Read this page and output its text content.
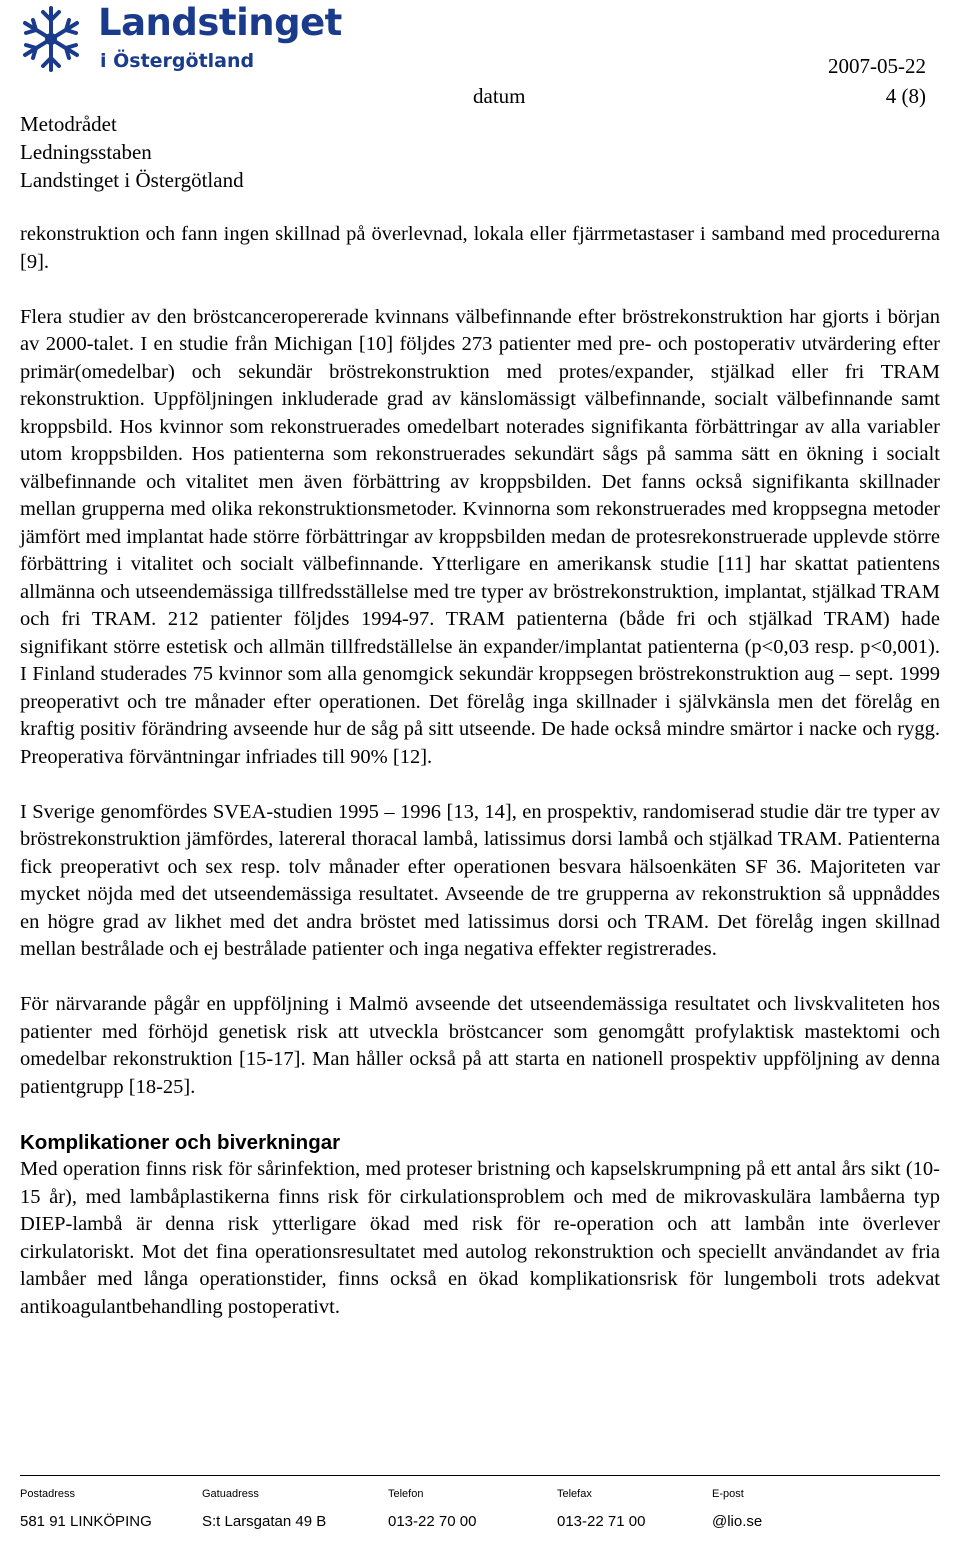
Landstinget
i Östergötland	2007-05-22
datum	4 (8)
Metodrådet
Ledningsstaben
Landstinget i Östergötland

rekonstruktion och fann ingen skillnad på överlevnad, lokala eller fjärrmetastaser i samband med procedurerna [9].

Flera studier av den bröstcanceropererade kvinnans välbefinnande efter bröstrekonstruktion har gjorts i början av 2000-talet. I en studie från Michigan [10] följdes 273 patienter med pre- och postoperativ utvärdering efter primär(omedelbar) och sekundär bröstrekonstruktion med protes/expander, stjälkad eller fri TRAM rekonstruktion. Uppföljningen inkluderade grad av känslomässigt välbefinnande, socialt välbefinnande samt kroppsbild. Hos kvinnor som rekonstruerades omedelbart noterades signifikanta förbättringar av alla variabler utom kroppsbilden. Hos patienterna som rekonstruerades sekundärt sågs på samma sätt en ökning i socialt välbefinnande och vitalitet men även förbättring av kroppsbilden. Det fanns också signifikanta skillnader mellan grupperna med olika rekonstruktionsmetoder. Kvinnorna som rekonstruerades med kroppsegna metoder jämfört med implantat hade större förbättringar av kroppsbilden medan de protesrekonstruerade upplevde större förbättring i vitalitet och socialt välbefinnande. Ytterligare en amerikansk studie [11] har skattat patientens allmänna och utseendemässiga tillfredsställelse med tre typer av bröstrekonstruktion, implantat, stjälkad TRAM och fri TRAM. 212 patienter följdes 1994-97. TRAM patienterna (både fri och stjälkad TRAM) hade signifikant större estetisk och allmän tillfredställelse än expander/implantat patienterna (p<0,03 resp. p<0,001). I Finland studerades 75 kvinnor som alla genomgick sekundär kroppsegen bröstrekonstruktion aug – sept. 1999 preoperativt och tre månader efter operationen. Det förelåg inga skillnader i självkänsla men det förelåg en kraftig positiv förändring avseende hur de såg på sitt utseende. De hade också mindre smärtor i nacke och rygg. Preoperativa förväntningar infriades till 90% [12].

I Sverige genomfördes SVEA-studien 1995 – 1996 [13, 14], en prospektiv, randomiserad studie där tre typer av bröstrekonstruktion jämfördes, latereral thoracal lambå, latissimus dorsi lambå och stjälkad TRAM. Patienterna fick preoperativt och sex resp. tolv månader efter operationen besvara hälsoenkäten SF 36. Majoriteten var mycket nöjda med det utseendemässiga resultatet. Avseende de tre grupperna av rekonstruktion så uppnåddes en högre grad av likhet med det andra bröstet med latissimus dorsi och TRAM. Det förelåg ingen skillnad mellan bestrålade och ej bestrålade patienter och inga negativa effekter registrerades.

För närvarande pågår en uppföljning i Malmö avseende det utseendemässiga resultatet och livskvaliteten hos patienter med förhöjd genetisk risk att utveckla bröstcancer som genomgått profylaktisk mastektomi och omedelbar rekonstruktion [15-17]. Man håller också på att starta en nationell prospektiv uppföljning av denna patientgrupp [18-25].

Komplikationer och biverkningar

Med operation finns risk för sårinfektion, med proteser bristning och kapselskrumpning på ett antal års sikt (10-15 år), med lambåplastikerna finns risk för cirkulationsproblem och med de mikrovaskulära lambåerna typ DIEP-lambå är denna risk ytterligare ökad med risk för re-operation och att lambån inte överlever cirkulatoriskt. Mot det fina operationsresultatet med autolog rekonstruktion och speciellt användandet av fria lambåer med långa operationstider, finns också en ökad komplikationsrisk för lungemboli trots adekvat antikoagulantbehandling postoperativt.

Postadress
581 91 LINKÖPING
Gatuadress
S:t Larsgatan 49 B
Telefon
013-22 70 00
Telefax
013-22 71 00
E-post
@lio.se
